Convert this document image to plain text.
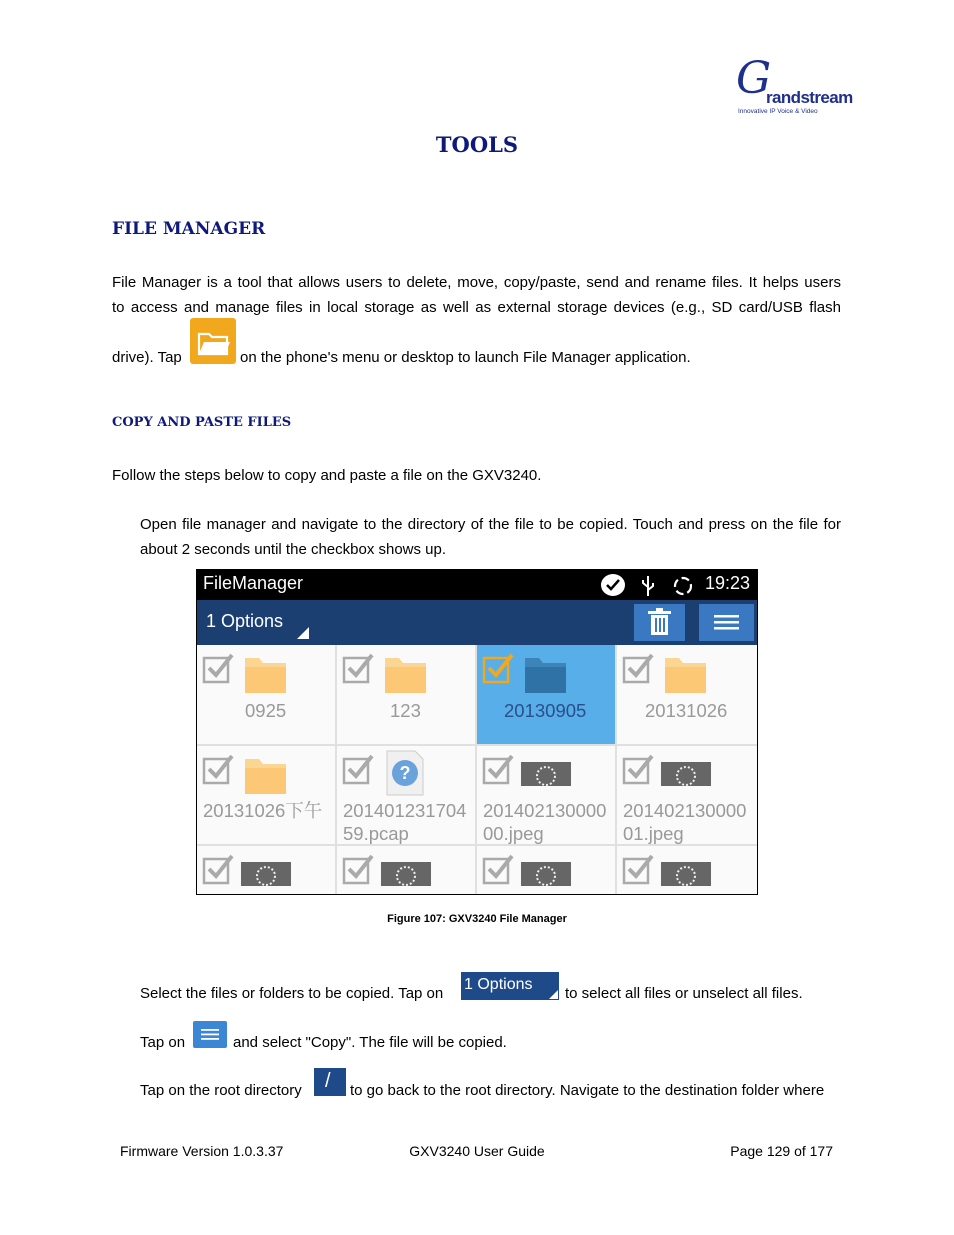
G
randstream
Innovative IP Voice & Video
TOOLS
FILE MANAGER
File Manager is a tool that allows users to delete, move, copy/paste, send and rename files. It helps users
to access and manage files in local storage as well as external storage devices (e.g., SD card/USB flash
drive). Tap	on the phone's menu or desktop to launch File Manager application.
COPY AND PASTE FILES
Follow the steps below to copy and paste a file on the GXV3240.
Open file manager and navigate to the directory of the file to be copied. Touch and press on the file for
about 2 seconds until the checkbox shows up.
FileManager	19:23
1 Options
0925	123	20130905	20131026
20131026下午
?
201401231704
59.pcap
201402130000
00.jpeg
201402130000
01.jpeg
Figure 107: GXV3240 File Manager
Select the files or folders to be copied. Tap on
1 Options
to select all files or unselect all files.
Tap on	and select "Copy". The file will be copied.
Tap on the root directory / to go back to the root directory. Navigate to the destination folder where
Firmware Version 1.0.3.37	GXV3240 User Guide	Page 129 of 177
